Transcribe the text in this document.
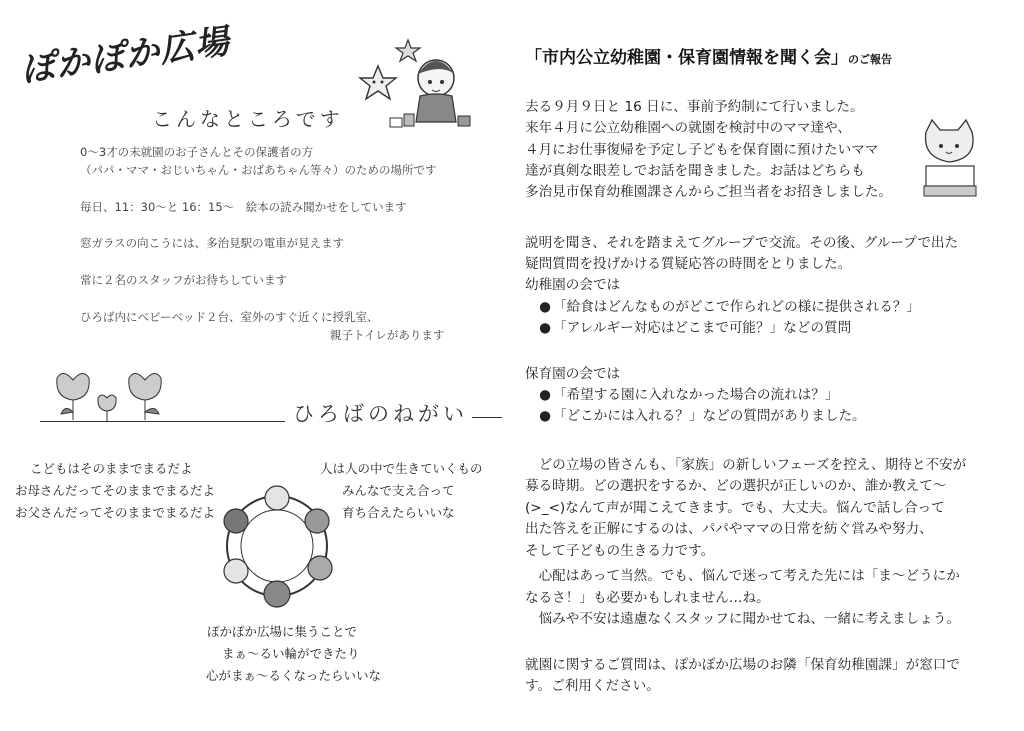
ぽかぽか広場
こんなところです
0～3才の未就園のお子さんとその保護者の方
（パパ・ママ・おじいちゃん・おばあちゃん等々）のための場所です
毎日、11：30～と 16：15～　絵本の読み聞かせをしています
窓ガラスの向こうには、多治見駅の電車が見えます
常に２名のスタッフがお待ちしています
ひろば内にベビーベッド２台、室外のすぐ近くに授乳室、
親子トイレがあります
ひろばのねがい
こどもはそのままでまるだよ
お母さんだってそのままでまるだよ
お父さんだってそのままでまるだよ
人は人の中で生きていくもの
みんなで支え合って
育ち合えたらいいな
ぽかぽか広場に集うことで
まぁ～るい輪ができたり
心がまぁ～るくなったらいいな
「市内公立幼稚園・保育園情報を聞く会」のご報告
去る９月９日と 16 日に、事前予約制にて行いました。
来年４月に公立幼稚園への就園を検討中のママ達や、
４月にお仕事復帰を予定し子どもを保育園に預けたいママ
達が真剣な眼差しでお話を聞きました。お話はどちらも
多治見市保育幼稚園課さんからご担当者をお招きしました。
説明を聞き、それを踏まえてグループで交流。その後、グループで出た
疑問質問を投げかける質疑応答の時間をとりました。
幼稚園の会では
● 「給食はどんなものがどこで作られどの様に提供される？」
● 「アレルギー対応はどこまで可能？」などの質問
保育園の会では
● 「希望する園に入れなかった場合の流れは？」
● 「どこかには入れる？」などの質問がありました。
　どの立場の皆さんも、「家族」の新しいフェーズを控え、期待と不安が
募る時期。どの選択をするか、どの選択が正しいのか、誰か教えて～
(>_<)なんて声が聞こえてきます。でも、大丈夫。悩んで話し合って
出た答えを正解にするのは、パパやママの日常を紡ぐ営みや努力、
そして子どもの生きる力です。
　心配はあって当然。でも、悩んで迷って考えた先には「ま～どうにか
なるさ！」も必要かもしれません…ね。
　悩みや不安は遠慮なくスタッフに聞かせてね、一緒に考えましょう。
就園に関するご質問は、ぽかぽか広場のお隣「保育幼稚園課」が窓口で
す。ご利用ください。
